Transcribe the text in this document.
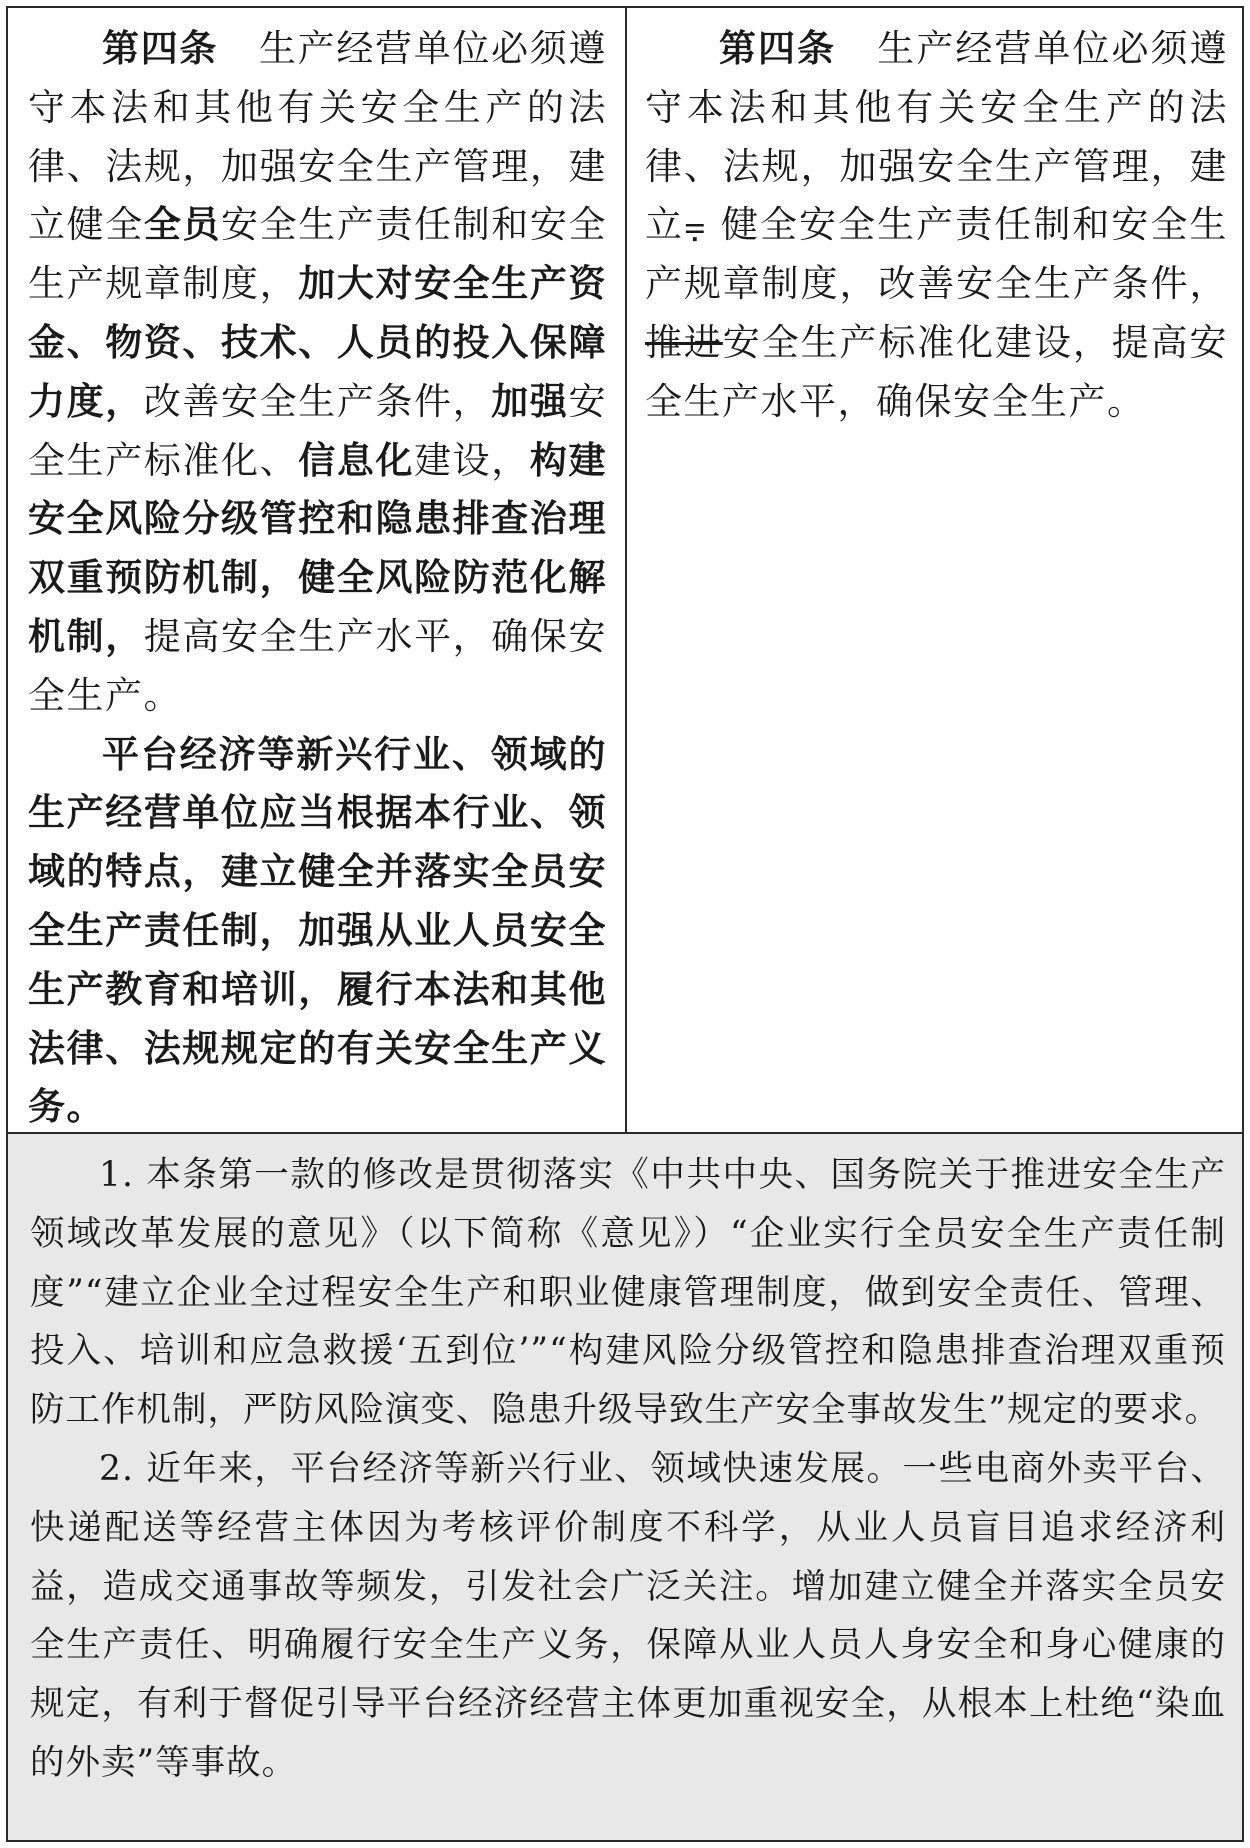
第四条 生产经营单位必须遵守本法和其他有关安全生产的法律、法规，加强安全生产管理，建立健全全员安全生产责任制和安全生产规章制度，加大对安全生产资金、物资、技术、人员的投入保障力度，改善安全生产条件，加强安全生产标准化、信息化建设，构建安全风险分级管控和隐患排查治理双重预防机制，健全风险防范化解机制，提高安全生产水平，确保安全生产。

平台经济等新兴行业、领域的生产经营单位应当根据本行业、领域的特点，建立健全并落实全员安全生产责任制，加强从业人员安全生产教育和培训，履行本法和其他法律、法规规定的有关安全生产义务。

第四条 生产经营单位必须遵守本法和其他有关安全生产的法律、法规，加强安全生产管理，建立⩦ 健全安全生产责任制和安全生产规章制度，改善安全生产条件，推进安全生产标准化建设，提高安全生产水平，确保安全生产。

1. 本条第一款的修改是贯彻落实《中共中央、国务院关于推进安全生产领域改革发展的意见》（以下简称《意见》）“企业实行全员安全生产责任制度”“建立企业全过程安全生产和职业健康管理制度，做到安全责任、管理、投入、培训和应急救援‘五到位’”“构建风险分级管控和隐患排查治理双重预防工作机制，严防风险演变、隐患升级导致生产安全事故发生”规定的要求。

2. 近年来，平台经济等新兴行业、领域快速发展。一些电商外卖平台、快递配送等经营主体因为考核评价制度不科学，从业人员盲目追求经济利益，造成交通事故等频发，引发社会广泛关注。增加建立健全并落实全员安全生产责任、明确履行安全生产义务，保障从业人员人身安全和身心健康的规定，有利于督促引导平台经济经营主体更加重视安全，从根本上杜绝“染血的外卖”等事故。
